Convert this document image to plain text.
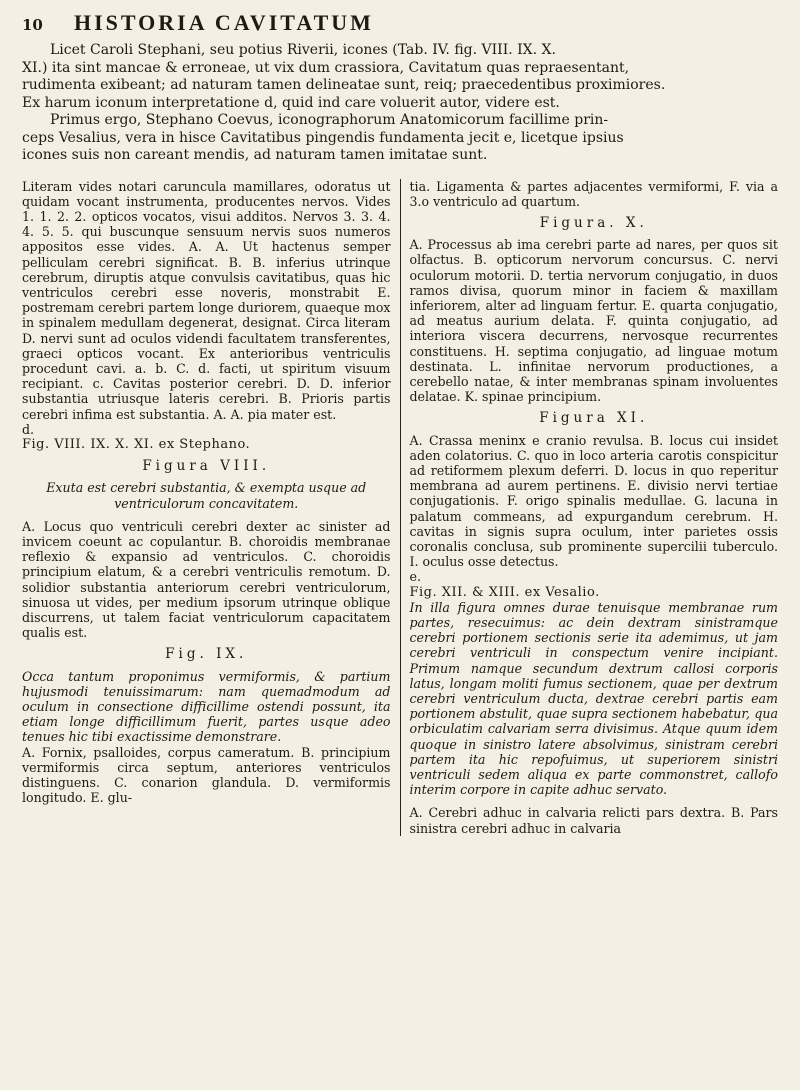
10	HISTORIA CAVITATUM

Licet Caroli Stephani, seu potius Riverii, icones (Tab. IV. fig. VIII. IX. X.

XI.) ita sint mancae & erroneae, ut vix dum crassiora, Cavitatum quas repraesentant,
rudimenta exibeant; ad naturam tamen delineatae sunt, reiq; praecedentibus proximiores.
Ex harum iconum interpretatione d, quid ind care voluerit autor, videre est.

Primus ergo, Stephano Coevus, iconographorum Anatomicorum facillime prin-

ceps Vesalius, vera in hisce Cavitatibus pingendis fundamenta jecit e, licetque ipsius
icones suis non careant mendis, ad naturam tamen imitatae sunt.

Literam vides notari caruncula mamillares, odoratus ut quidam vocant instrumenta, producentes nervos. Vides 1. 1. 2. 2. opticos vocatos, visui additos. Nervos 3. 3. 4. 4. 5. 5. qui buscunque sensuum nervis suos numeros appositos esse vides. A. A. Ut hactenus semper pelliculam cerebri significat. B. B. inferius utrinque cerebrum, diruptis atque convulsis cavitatibus, quas hic ventriculos cerebri esse noveris, monstrabit E. postremam cerebri partem longe duriorem, quaeque mox in spinalem medullam degenerat, designat. Circa literam D. nervi sunt ad oculos videndi facultatem transferentes, graeci opticos vocant. Ex anterioribus ventriculis procedunt cavi. a. b. C. d. facti, ut spiritum visuum recipiant. c. Cavitas posterior cerebri. D. D. inferior substantia utriusque lateris cerebri. B. Prioris partis cerebri infima est substantia. A. A. pia mater est.

d.

Fig. VIII. IX. X. XI. ex Stephano.

Figura VIII.

Exuta est cerebri substantia, & exempta usque ad ventriculorum concavitatem.

A. Locus quo ventriculi cerebri dexter ac sinister ad invicem coeunt ac copulantur. B. choroidis membranae reflexio & expansio ad ventriculos. C. choroidis principium elatum, & a cerebri ventriculis remotum. D. solidior substantia anteriorum cerebri ventriculorum, sinuosa ut vides, per medium ipsorum utrinque oblique discurrens, ut talem faciat ventriculorum capacitatem qualis est.

Fig. IX.

Occa tantum proponimus vermiformis, & partium hujusmodi tenuissimarum: nam quemadmodum ad oculum in consectione difficillime ostendi possunt, ita etiam longe difficillimum fuerit, partes usque adeo tenues hic tibi exactissime demonstrare.

A. Fornix, psalloides, corpus cameratum. B. principium vermiformis circa septum, anteriores ventriculos distinguens. C. conarion glandula. D. vermiformis longitudo. E. glu-

tia. Ligamenta & partes adjacentes vermiformi, F. via a 3.o ventriculo ad quartum.

Figura. X.

A. Processus ab ima cerebri parte ad nares, per quos sit olfactus. B. opticorum nervorum concursus. C. nervi oculorum motorii. D. tertia nervorum conjugatio, in duos ramos divisa, quorum minor in faciem & maxillam inferiorem, alter ad linguam fertur. E. quarta conjugatio, ad meatus aurium delata. F. quinta conjugatio, ad interiora viscera decurrens, nervosque recurrentes constituens. H. septima conjugatio, ad linguae motum destinata. L. infinitae nervorum productiones, a cerebello natae, & inter membranas spinam involuentes delatae. K. spinae principium.

Figura XI.

A. Crassa meninx e cranio revulsa. B. locus cui insidet aden colatorius. C. quo in loco arteria carotis conspicitur ad retiformem plexum deferri. D. locus in quo reperitur membrana ad aurem pertinens. E. divisio nervi tertiae conjugationis. F. origo spinalis medullae. G. lacuna in palatum commeans, ad expurgandum cerebrum. H. cavitas in signis supra oculum, inter parietes ossis coronalis conclusa, sub prominente supercilii tuberculo. I. oculus osse detectus.

e.

Fig. XII. & XIII. ex Vesalio.

In illa figura omnes durae tenuisque membranae rum partes, resecuimus: ac dein dextram sinistramque cerebri portionem sectionis serie ita ademimus, ut jam cerebri ventriculi in conspectum venire incipiant. Primum namque secundum dextrum callosi corporis latus, longam moliti fumus sectionem, quae per dextrum cerebri ventriculum ducta, dextrae cerebri partis eam portionem abstulit, quae supra sectionem habebatur, qua orbiculatim calvariam serra divisimus. Atque quum idem quoque in sinistro latere absolvimus, sinistram cerebri partem ita hic repofuimus, ut superiorem sinistri ventriculi sedem aliqua ex parte commonstret, callofo interim corpore in capite adhuc servato.

A. Cerebri adhuc in calvaria relicti pars dextra. B. Pars sinistra cerebri adhuc in calvaria
